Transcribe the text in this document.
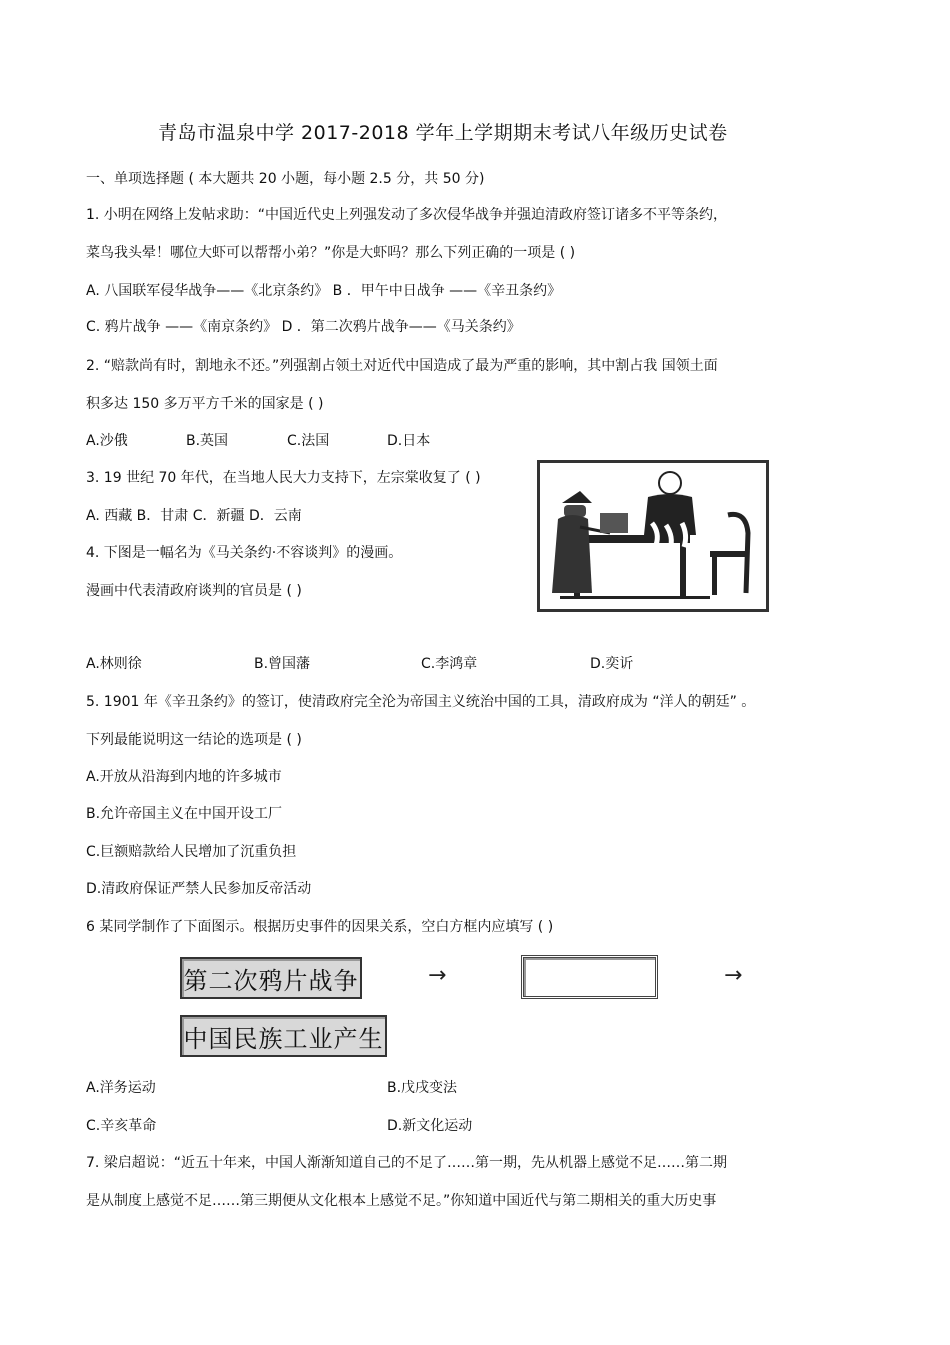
青岛市温泉中学 2017-2018 学年上学期期末考试八年级历史试卷
一、单项选择题 ( 本大题共 20 小题，每小题 2.5 分，共 50 分)
1. 小明在网络上发帖求助：“中国近代史上列强发动了多次侵华战争并强迫清政府签订诸多不平等条约，
菜鸟我头晕！哪位大虾可以帮帮小弟？”你是大虾吗？那么下列正确的一项是 ( )
A. 八国联军侵华战争——《北京条约》 B ．甲午中日战争 ——《辛丑条约》
C. 鸦片战争 ——《南京条约》 D ．第二次鸦片战争——《马关条约》
2. “赔款尚有时，割地永不还。”列强割占领土对近代中国造成了最为严重的影响，其中割占我 国领土面
积多达 150 多万平方千米的国家是 ( )
A.沙俄	B.英国	C.法国	D.日本
3. 19 世纪 70 年代，在当地人民大力支持下，左宗棠收复了 ( )
A. 西藏 B．甘肃 C．新疆 D．云南
4. 下图是一幅名为《马关条约·不容谈判》的漫画。
漫画中代表清政府谈判的官员是 ( )
A.林则徐	B.曾国藩	C.李鸿章	D.奕䜣
5. 1901 年《辛丑条约》的签订，使清政府完全沦为帝国主义统治中国的工具，清政府成为 “洋人的朝廷” 。
下列最能说明这一结论的选项是 ( )
A.开放从沿海到内地的许多城市
B.允许帝国主义在中国开设工厂
C.巨额赔款给人民增加了沉重负担
D.清政府保证严禁人民参加反帝活动
6 某同学制作了下面图示。根据历史事件的因果关系，空白方框内应填写 ( )
第二次鸦片战争	→	→
中国民族工业产生
A.洋务运动	B.戊戌变法
C.辛亥革命	D.新文化运动
7. 梁启超说：“近五十年来，中国人渐渐知道自己的不足了……第一期，先从机器上感觉不足……第二期
是从制度上感觉不足……第三期便从文化根本上感觉不足。”你知道中国近代与第二期相关的重大历史事
